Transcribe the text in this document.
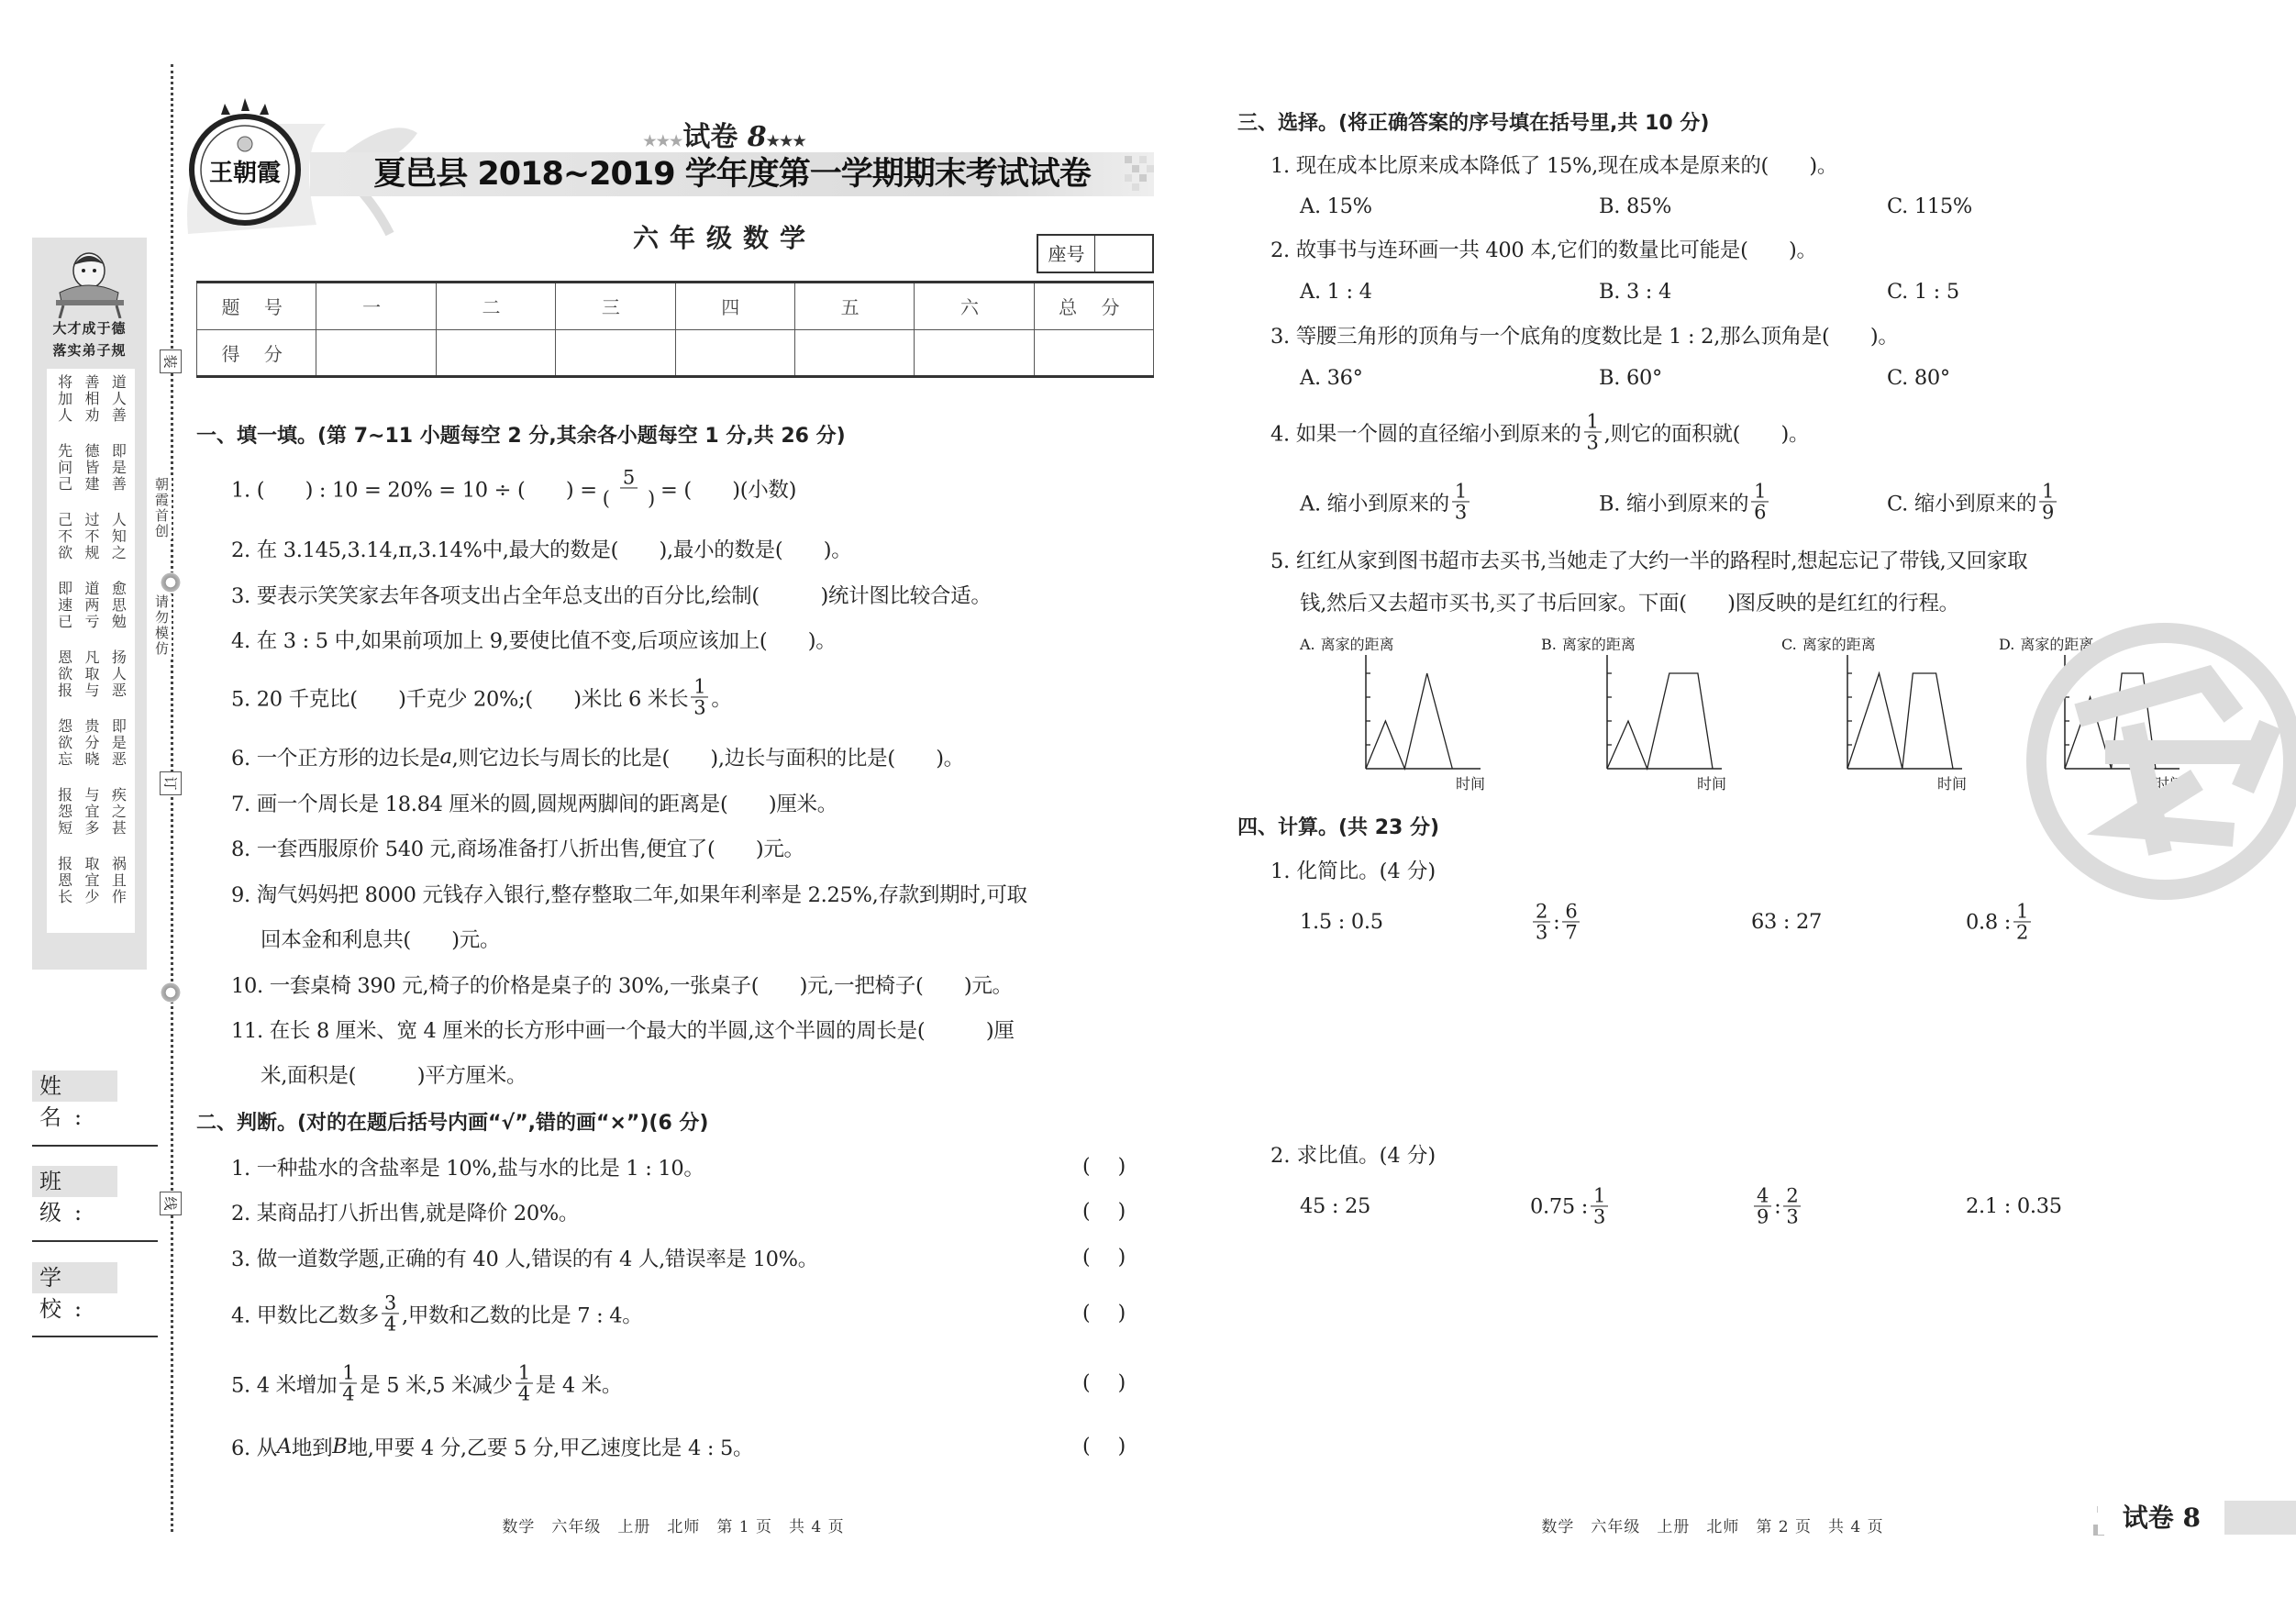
装
朝霞首创
请勿模仿
订
线
大才成于德
落实弟子规
将加人 善相劝 道人善
先问己 德皆建 即是善
己不欲 过不规 人知之
即速已 道两亏 愈思勉
恩欲报 凡取与 扬人恶
怨欲忘 贵分晓 即是恶
报怨短 与宜多 疾之甚
报恩长 取宜少 祸且作
姓 名:
班 级:
学 校:
王朝霞	夏邑县 2018~2019 学年度第一学期期末考试试卷
★★★试卷 8★★★
六年级数学
座号
题 号	一	二	三	四	五	六	总 分
得 分							
一、填一填。(第 7~11 小题每空 2 分,其余各小题每空 1 分,共 26 分)
二、判断。(对的在题后括号内画“√”,错的画“×”)(6 分)
三、选择。(将正确答案的序号填在括号里,共 10 分)
四、计算。(共 23 分)
1. 化简比。(4 分)
2. 求比值。(4 分)
1. (　　) : 10 = 20% = 10 ÷ (　　) = $\frac{5}{( )}$ = (　　)(小数)
2. 在 3.145,3.14,π,3.14%中,最大的数是(　　),最小的数是(　　)。
3. 要表示笑笑家去年各项支出占全年总支出的百分比,绘制(　　　)统计图比较合适。
4. 在 3 : 5 中,如果前项加上 9,要使比值不变,后项应该加上(　　)。
5. 20 千克比(　　)千克少 20%;(　　)米比 6 米长 $\frac{1}{3}$ 。
6. 一个正方形的边长是 a ,则它边长与周长的比是(　　),边长与面积的比是(　　)。
7. 画一个周长是 18.84 厘米的圆,圆规两脚间的距离是(　　)厘米。
8. 一套西服原价 540 元,商场准备打八折出售,便宜了(　　)元。
9. 淘气妈妈把 8000 元钱存入银行,整存整取二年,如果年利率是 2.25%,存款到期时,可取
回本金和利息共(　　)元。
10. 一套桌椅 390 元,椅子的价格是桌子的 30%,一张桌子(　　)元,一把椅子(　　)元。
11. 在长 8 厘米、宽 4 厘米的长方形中画一个最大的半圆,这个半圆的周长是(　　　)厘
米,面积是(　　　)平方厘米。
1. 一种盐水的含盐率是 10%,盐与水的比是 1 : 10。	()
2. 某商品打八折出售,就是降价 20%。	()
3. 做一道数学题,正确的有 40 人,错误的有 4 人,错误率是 10%。	()
4. 甲数比乙数多 $\frac{3}{4}$ ,甲数和乙数的比是 7 : 4。	()
5. 4 米增加 $\frac{1}{4}$ 是 5 米,5 米减少 $\frac{1}{4}$ 是 4 米。	()
6. 从 A 地到 B 地,甲要 4 分,乙要 5 分,甲乙速度比是 4 : 5。	()
1. 现在成本比原来成本降低了 15%,现在成本是原来的(　　)。
A. 15%	B. 85%	C. 115%
2. 故事书与连环画一共 400 本,它们的数量比可能是(　　)。
A. 1 : 4	B. 3 : 4	C. 1 : 5
3. 等腰三角形的顶角与一个底角的度数比是 1 : 2,那么顶角是(　　)。
A. 36°	B. 60°	C. 80°
4. 如果一个圆的直径缩小到原来的 $\frac{1}{3}$ ,则它的面积就(　　)。
A. 缩小到原来的 $\frac{1}{3}$	B. 缩小到原来的 $\frac{1}{6}$	C. 缩小到原来的 $\frac{1}{9}$
5. 红红从家到图书超市去买书,当她走了大约一半的路程时,想起忘记了带钱,又回家取
钱,然后又去超市买书,买了书后回家。下面(　　)图反映的是红红的行程。
A. 离家的距离
时间
B. 离家的距离
时间
C. 离家的距离
时间
D. 离家的距离
时间
1.5 : 0.5	$\frac{2}{3}$ : $\frac{6}{7}$	63 : 27	0.8 : $\frac{1}{2}$
45 : 25	0.75 : $\frac{1}{3}$	$\frac{4}{9}$ : $\frac{2}{3}$	2.1 : 0.35
数学　六年级　上册　北师　第 1 页　共 4 页	数学　六年级　上册　北师　第 2 页　共 4 页	试卷 8
